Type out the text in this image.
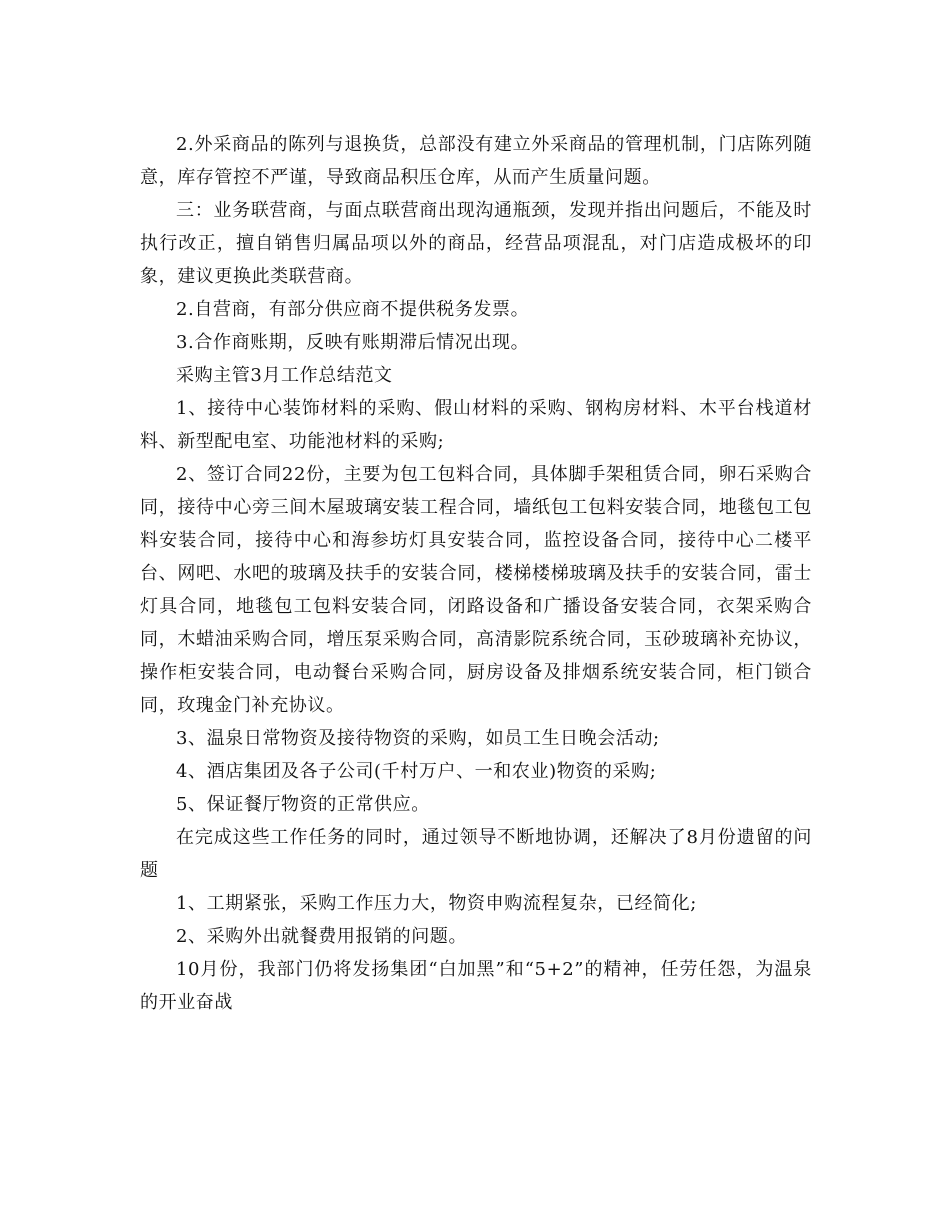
2.外采商品的陈列与退换货，总部没有建立外采商品的管理机制，门店陈列随意，库存管控不严谨，导致商品积压仓库，从而产生质量问题。

三：业务联营商，与面点联营商出现沟通瓶颈，发现并指出问题后，不能及时执行改正，擅自销售归属品项以外的商品，经营品项混乱，对门店造成极坏的印象，建议更换此类联营商。

2.自营商，有部分供应商不提供税务发票。

3.合作商账期，反映有账期滞后情况出现。

采购主管3月工作总结范文

1、接待中心装饰材料的采购、假山材料的采购、钢构房材料、木平台栈道材料、新型配电室、功能池材料的采购;

2、签订合同22份，主要为包工包料合同，具体脚手架租赁合同，卵石采购合同，接待中心旁三间木屋玻璃安装工程合同，墙纸包工包料安装合同，地毯包工包料安装合同，接待中心和海参坊灯具安装合同，监控设备合同，接待中心二楼平台、网吧、水吧的玻璃及扶手的安装合同，楼梯楼梯玻璃及扶手的安装合同，雷士灯具合同，地毯包工包料安装合同，闭路设备和广播设备安装合同，衣架采购合同，木蜡油采购合同，增压泵采购合同，高清影院系统合同，玉砂玻璃补充协议，操作柜安装合同，电动餐台采购合同，厨房设备及排烟系统安装合同，柜门锁合同，玫瑰金门补充协议。

3、温泉日常物资及接待物资的采购，如员工生日晚会活动;

4、酒店集团及各子公司(千村万户、一和农业)物资的采购;

5、保证餐厅物资的正常供应。

在完成这些工作任务的同时，通过领导不断地协调，还解决了8月份遗留的问题

1、工期紧张，采购工作压力大，物资申购流程复杂，已经简化;

2、采购外出就餐费用报销的问题。

10月份，我部门仍将发扬集团“白加黑”和“5+2”的精神，任劳任怨，为温泉的开业奋战
